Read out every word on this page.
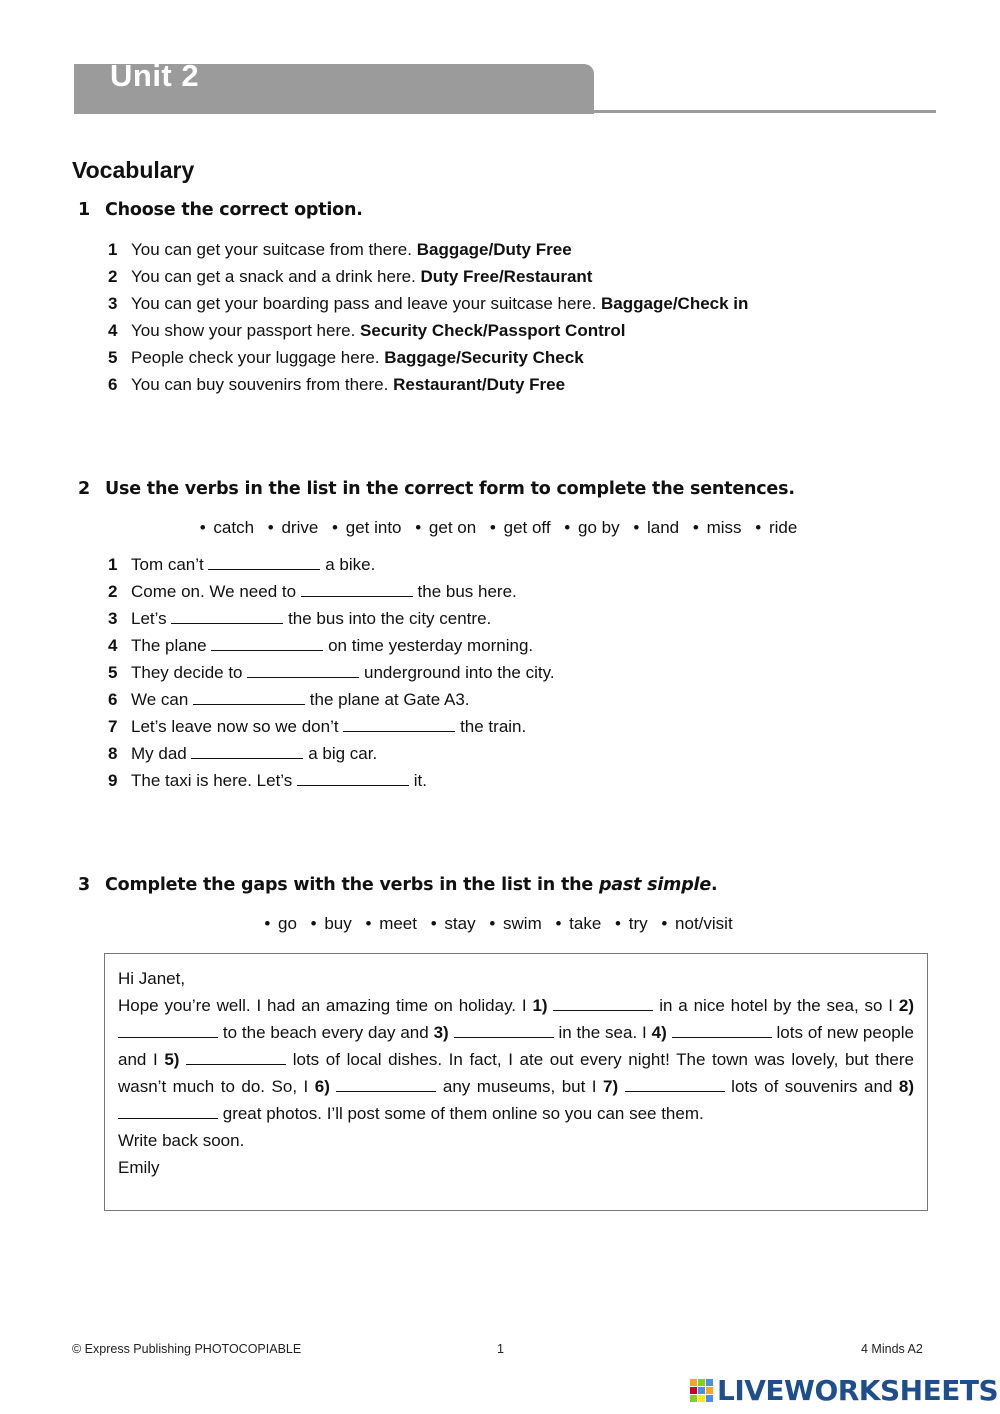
Unit 2
Vocabulary
1 Choose the correct option.
1 You can get your suitcase from there. Baggage/Duty Free
2 You can get a snack and a drink here. Duty Free/Restaurant
3 You can get your boarding pass and leave your suitcase here. Baggage/Check in
4 You show your passport here. Security Check/Passport Control
5 People check your luggage here. Baggage/Security Check
6 You can buy souvenirs from there. Restaurant/Duty Free
2 Use the verbs in the list in the correct form to complete the sentences.
• catch • drive • get into • get on • get off • go by • land • miss • ride
1 Tom can’t	a bike.
2 Come on. We need to	the bus here.
3 Let’s	the bus into the city centre.
4 The plane	on time yesterday morning.
5 They decide to	underground into the city.
6 We can	the plane at Gate A3.
7 Let’s leave now so we don’t	the train.
8 My dad	a big car.
9 The taxi is here. Let’s	it.
3 Complete the gaps with the verbs in the list in the past simple.
• go • buy • meet • stay • swim • take • try • not/visit

Hi Janet,

Hope you’re well. I had an amazing time on holiday. I 1)	in a nice hotel by the sea, so I 2)  to the beach every day and 3)	in the sea. I 4)	lots of new people and I 5)	lots of local dishes. In fact, I ate out every night! The town was lovely, but there wasn’t much to do. So, I 6)	any museums, but I 7)	lots of souvenirs and 8)  great photos. I’ll post some of them online so you can see them.

Write back soon.

Emily

© Express Publishing PHOTOCOPIABLE	1	4 Minds A2
LIVEWORKSHEETS
